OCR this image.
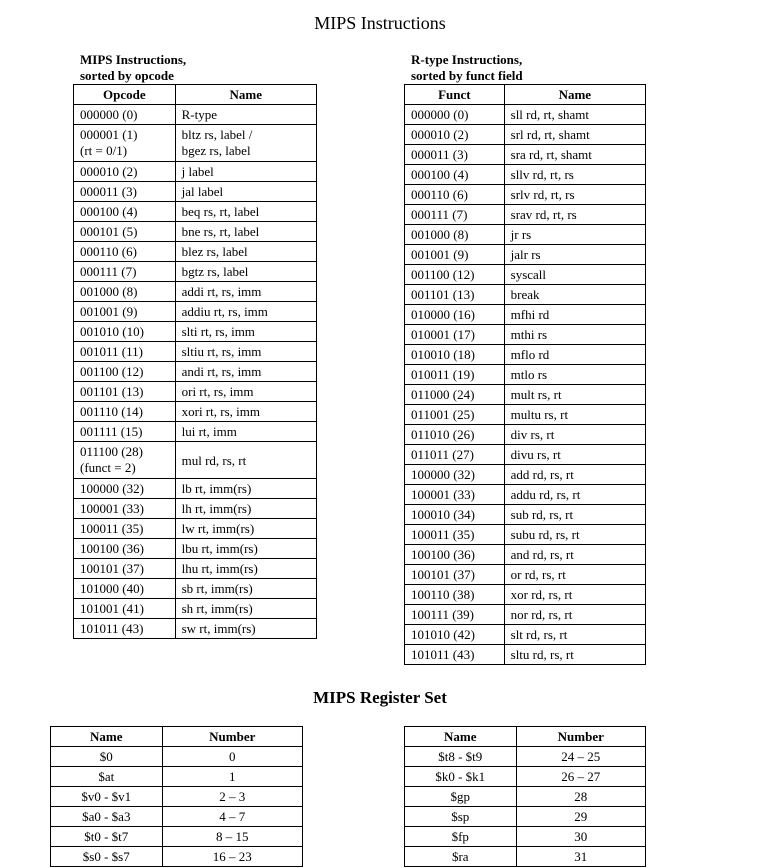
MIPS Instructions
MIPS Instructions,
sorted by opcode
Opcode	Name
000000 (0)	R-type
000001 (1)
(rt = 0/1)	bltz rs, label /
bgez rs, label
000010 (2)	j label
000011 (3)	jal label
000100 (4)	beq rs, rt, label
000101 (5)	bne rs, rt, label
000110 (6)	blez rs, label
000111 (7)	bgtz rs, label
001000 (8)	addi rt, rs, imm
001001 (9)	addiu rt, rs, imm
001010 (10)	slti rt, rs, imm
001011 (11)	sltiu rt, rs, imm
001100 (12)	andi rt, rs, imm
001101 (13)	ori rt, rs, imm
001110 (14)	xori rt, rs, imm
001111 (15)	lui rt, imm
011100 (28)
(funct = 2)	mul rd, rs, rt
100000 (32)	lb rt, imm(rs)
100001 (33)	lh rt, imm(rs)
100011 (35)	lw rt, imm(rs)
100100 (36)	lbu rt, imm(rs)
100101 (37)	lhu rt, imm(rs)
101000 (40)	sb rt, imm(rs)
101001 (41)	sh rt, imm(rs)
101011 (43)	sw rt, imm(rs)
R-type Instructions,
sorted by funct field
Funct	Name
000000 (0)	sll rd, rt, shamt
000010 (2)	srl rd, rt, shamt
000011 (3)	sra rd, rt, shamt
000100 (4)	sllv rd, rt, rs
000110 (6)	srlv rd, rt, rs
000111 (7)	srav rd, rt, rs
001000 (8)	jr rs
001001 (9)	jalr rs
001100 (12)	syscall
001101 (13)	break
010000 (16)	mfhi rd
010001 (17)	mthi rs
010010 (18)	mflo rd
010011 (19)	mtlo rs
011000 (24)	mult rs, rt
011001 (25)	multu rs, rt
011010 (26)	div rs, rt
011011 (27)	divu rs, rt
100000 (32)	add rd, rs, rt
100001 (33)	addu rd, rs, rt
100010 (34)	sub rd, rs, rt
100011 (35)	subu rd, rs, rt
100100 (36)	and rd, rs, rt
100101 (37)	or rd, rs, rt
100110 (38)	xor rd, rs, rt
100111 (39)	nor rd, rs, rt
101010 (42)	slt rd, rs, rt
101011 (43)	sltu rd, rs, rt
MIPS Register Set
Name	Number
$0	0
$at	1
$v0 - $v1	2 – 3
$a0 - $a3	4 – 7
$t0 - $t7	8 – 15
$s0 - $s7	16 – 23
Name	Number
$t8 - $t9	24 – 25
$k0 - $k1	26 – 27
$gp	28
$sp	29
$fp	30
$ra	31
